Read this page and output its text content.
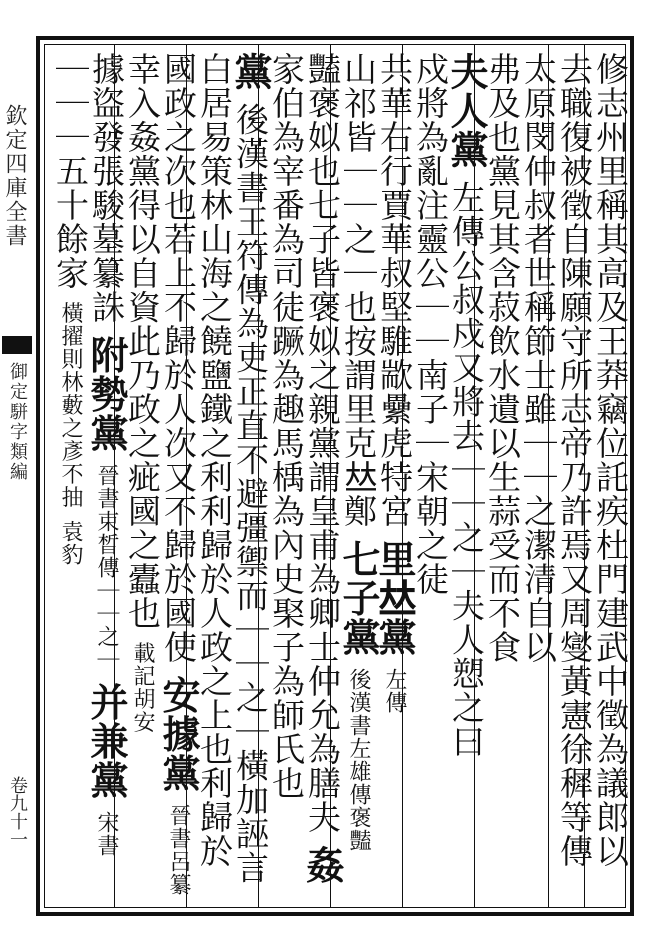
欽定四庫全書
御定駢字類編
卷九十一
修志州里稱其高及王莽竊位託疾杜門建武中徵為議郎以
去職復被徵自陳願守所志帝乃許焉又周燮黃憲徐穉等傳
太原閔仲叔者世稱節士雖｜｜之潔清自以
弗及也黨見其含菽飲水遺以生蒜受而不食
夫人黨 左傳公叔戍又將去｜｜之｜夫人愬之曰
戍將為亂注靈公｜｜南子｜宋朝之徒
共華右行賈華叔堅騅歂纍虎特宮 里𠀤黨 左傳
山祁皆｜｜之｜也按謂里克𠀤鄭 七子黨 後漢書左雄傳褒豔
豔褒姒也七子皆褒姒之親黨謂皇甫為卿士仲允為膳夫 姦
家伯為宰番為司徒蹶為趣馬楀為內史棸子為師氏也
黨 後漢書王符傳為吏正直不避彊禦而｜｜之｜橫加誣言
白居易策林山海之饒鹽鐵之利利歸於人政之上也利歸於
國政之次也若上不歸於人次又不歸於國使 安據黨 晉書呂纂
幸入姦黨得以自資此乃政之疵國之蠹也 載記胡安
據盜發張駿墓纂誅 附勢黨 晉書束晳傳｜｜之｜ 并兼黨 宋書
｜｜｜五十餘家 橫擢則林藪之彥不抽 袁豹
